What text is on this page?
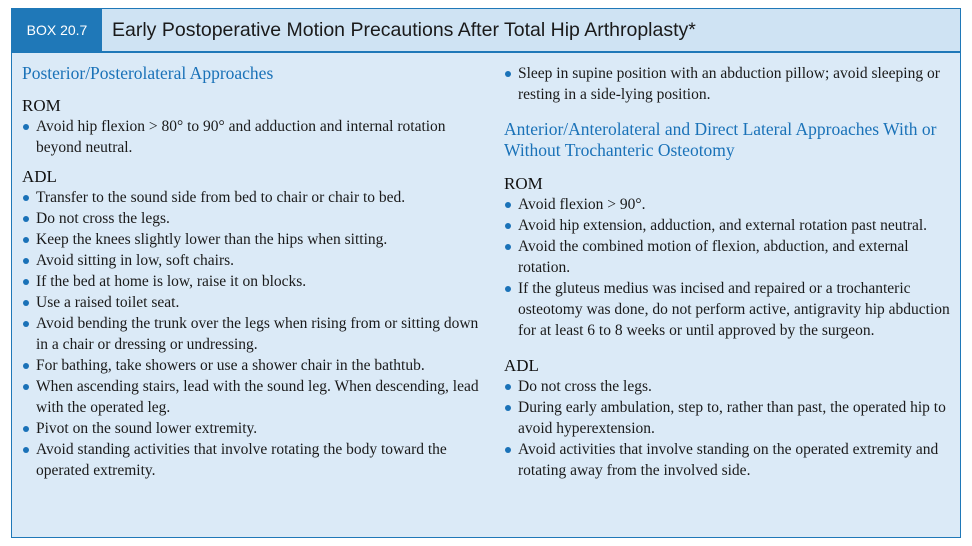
BOX 20.7	Early Postoperative Motion Precautions After Total Hip Arthroplasty*
Posterior/Posterolateral Approaches
ROM
Avoid hip flexion > 80° to 90° and adduction and internal rotation beyond neutral.
ADL
Transfer to the sound side from bed to chair or chair to bed.
Do not cross the legs.
Keep the knees slightly lower than the hips when sitting.
Avoid sitting in low, soft chairs.
If the bed at home is low, raise it on blocks.
Use a raised toilet seat.
Avoid bending the trunk over the legs when rising from or sitting down in a chair or dressing or undressing.
For bathing, take showers or use a shower chair in the bathtub.
When ascending stairs, lead with the sound leg. When descending, lead with the operated leg.
Pivot on the sound lower extremity.
Avoid standing activities that involve rotating the body toward the operated extremity.
Sleep in supine position with an abduction pillow; avoid sleeping or resting in a side-lying position.
Anterior/Anterolateral and Direct Lateral Approaches With or Without Trochanteric Osteotomy
ROM
Avoid flexion > 90°.
Avoid hip extension, adduction, and external rotation past neutral.
Avoid the combined motion of flexion, abduction, and external rotation.
If the gluteus medius was incised and repaired or a trochanteric osteotomy was done, do not perform active, antigravity hip abduction for at least 6 to 8 weeks or until approved by the surgeon.
ADL
Do not cross the legs.
During early ambulation, step to, rather than past, the operated hip to avoid hyperextension.
Avoid activities that involve standing on the operated extremity and rotating away from the involved side.
